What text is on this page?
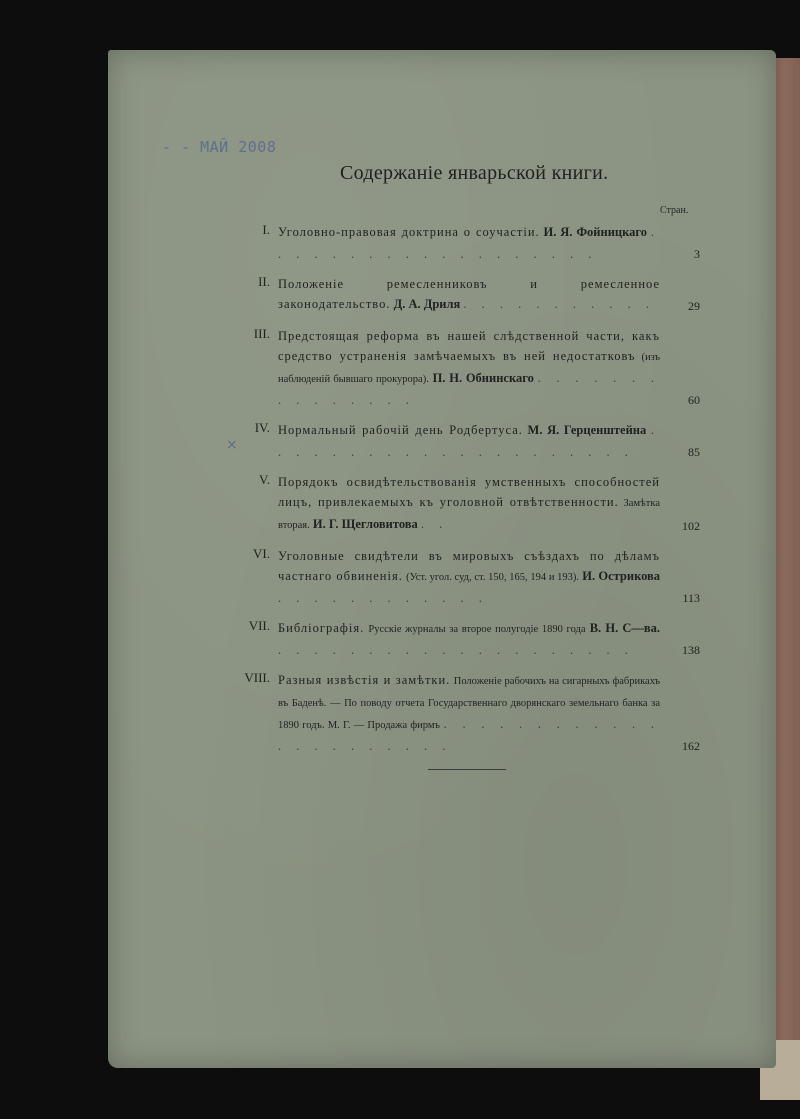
- - МАЙ 2008
Содержаніе январьской книги.
Стран.
×
I. Уголовно-правовая доктрина о соучастіи. И. Я. Фойницкаго . . . . . . . . . . . . . . . . . . .	3
II. Положеніе ремесленниковъ и ремесленное законодательство. Д. А. Дриля . . . . . . . . . . .	29
III. Предстоящая реформа въ нашей слѣдственной части, какъ средство устраненія замѣчаемыхъ въ ней недостатковъ (изъ наблюденій бывшаго прокурора). П. Н. Обнинскаго . . . . . . . . . . . . . . .	60
IV. Нормальный рабочій день Родбертуса. М. Я. Герценштейна . . . . . . . . . . . . . . . . . . . . .	85
V. Порядокъ освидѣтельствованія умственныхъ способностей лицъ, привлекаемыхъ къ уголовной отвѣтственности. Замѣтка вторая. И. Г. Щегловитова . .	102
VI. Уголовные свидѣтели въ мировыхъ съѣздахъ по дѣламъ частнаго обвиненія. (Уст. угол. суд, ст. 150, 165, 194 и 193). И. Острикова . . . . . . . . . . . .	113
VII. Библіографія. Русскіе журналы за второе полугодіе 1890 года В. Н. С—ва. . . . . . . . . . . . . . . . . . . . .	138
VIII. Разныя извѣстія и замѣтки. Положеніе рабочихъ на сигарныхъ фабрикахъ въ Баденѣ. — По поводу отчета Государственнаго дворянскаго земельнаго банка за 1890 годъ. М. Г. — Продажа фирмъ . . . . . . . . . . . . . . . . . . . . . .	162
